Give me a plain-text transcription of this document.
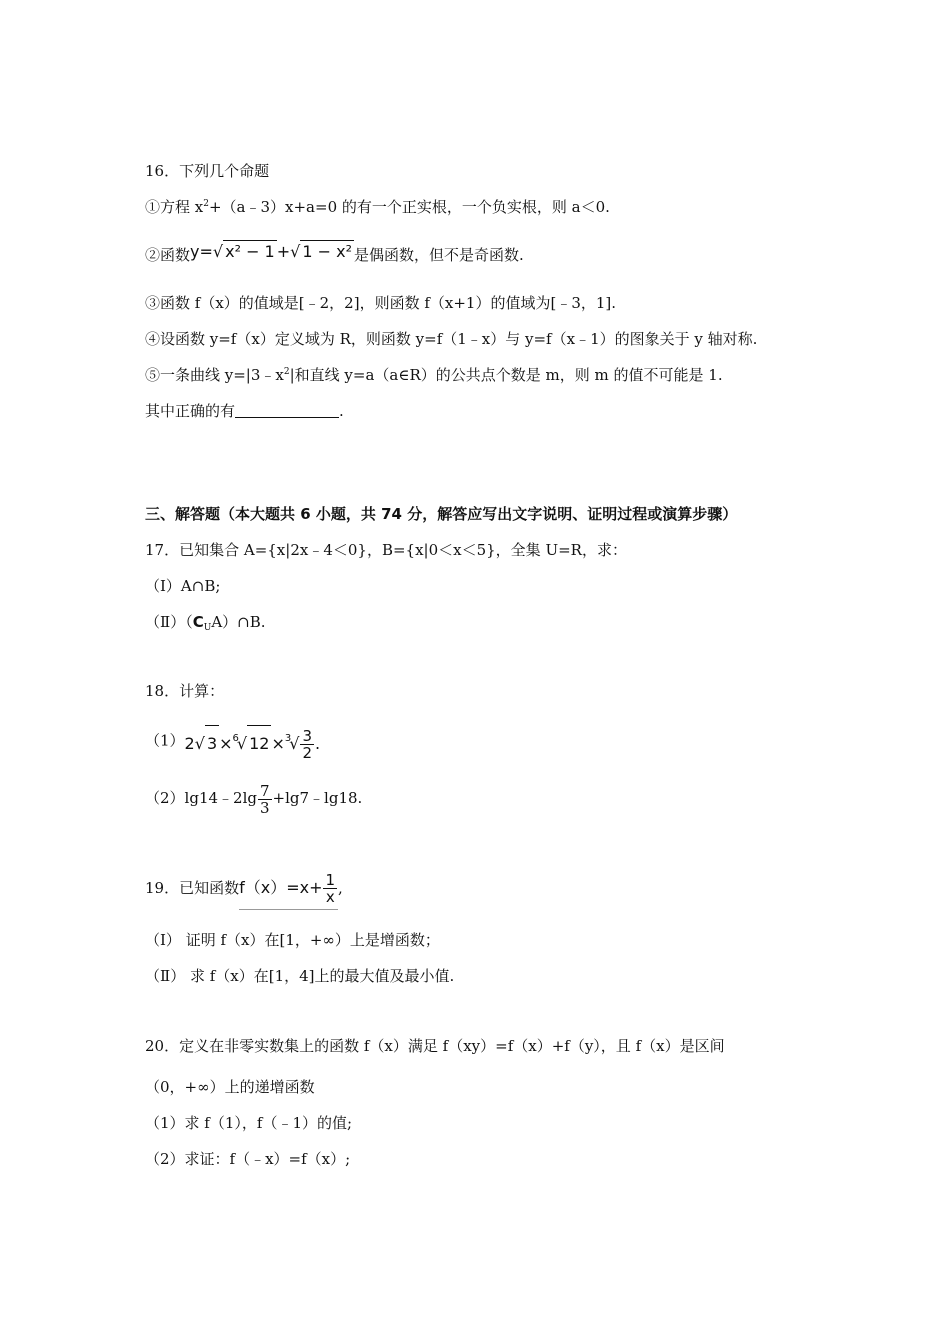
16．下列几个命题
①方程 $x^2+(a﹣3)x+a=0$ 的有一个正实根，一个负实根，则 a＜0.
②函数y=√ x² − 1 +√ 1 − x² 是偶函数，但不是奇函数.
③函数 f（x）的值域是[﹣2，2]，则函数 f（x+1）的值域为[﹣3，1].
④设函数 y=f（x）定义域为 R，则函数 y=f（1﹣x）与 y=f（x﹣1）的图象关于 y 轴对称.
⑤一条曲线 $y=|3﹣x^2|$和直线 y=a（a∈R）的公共点个数是 m，则 m 的值不可能是 1.
其中正确的有	.
三、解答题（本大题共 6 小题，共 74 分，解答应写出文字说明、证明过程或演算步骤）
17．已知集合 A={x|2x﹣4＜0}，B={x|0＜x＜5}，全集 U=R，求：
（Ⅰ）A∩B;
$(Ⅱ)(C_UA)\cap B$.
18．计算：
（1）2√ 3 ×$^6$√ $12 \times^3√ \frac{3}{2}$ .
（2）lg14﹣2lg $\frac{7}{3}$ +lg7﹣lg18.
19．已知函数$f(x)=x+ \frac{1}{x}$ ,
（Ⅰ） 证明 f（x）在[1，+∞）上是增函数；
（Ⅱ） 求 f（x）在[1，4]上的最大值及最小值.
20．定义在非零实数集上的函数 f（x）满足 f（xy）=f（x）+f（y），且 f（x）是区间
（0，+∞）上的递增函数
（1）求 f（1），f（﹣1）的值;
（2）求证：f（﹣x）=f（x）;
